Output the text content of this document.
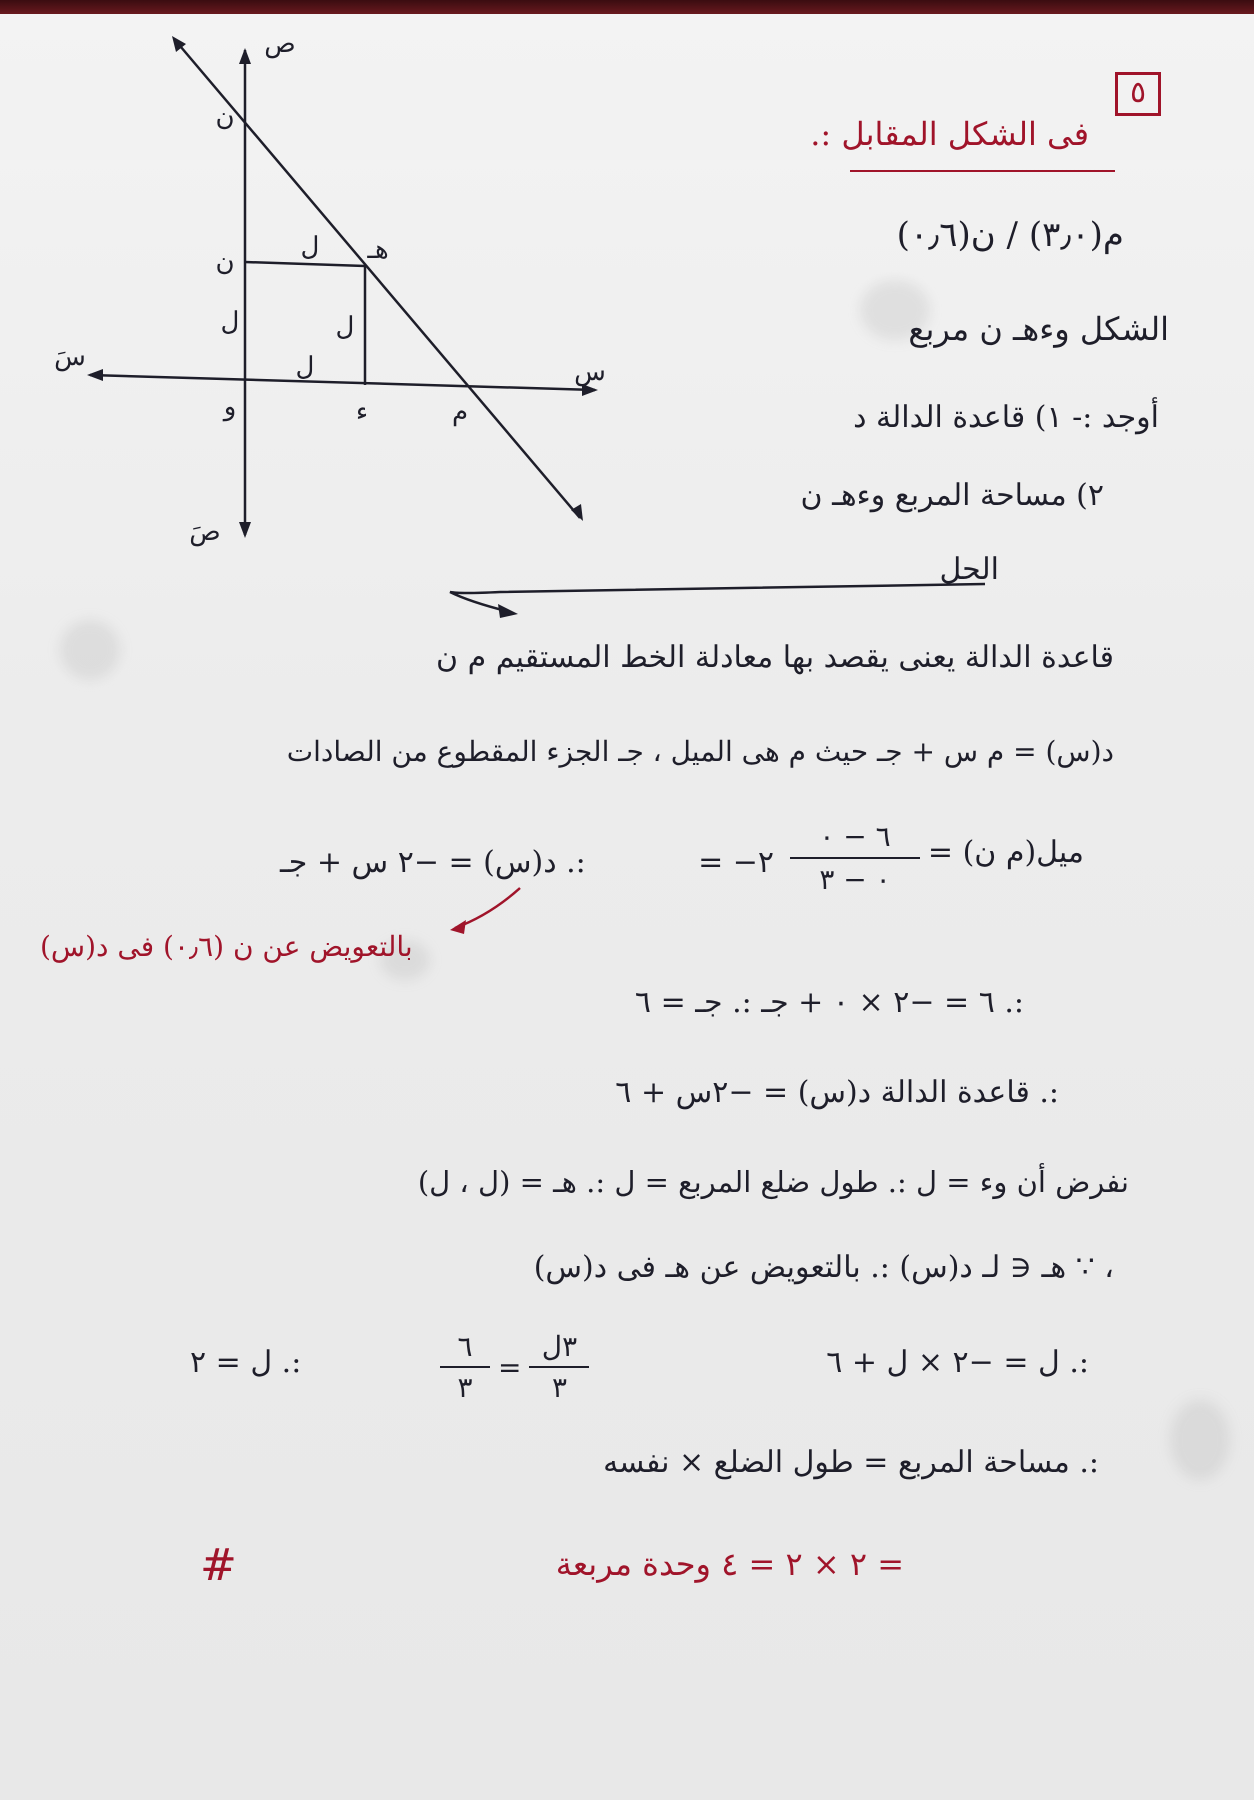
ص
صَ
س
سَ
ن
ن	هـ
و	ء	م
ل
ل	ل
ل
٥
فى الشكل المقابل :.
م(٣٫٠) / ن(٠٫٦)
الشكل وءهـ ن مربع
أوجد :- ١) قاعدة الدالة د
٢) مساحة المربع وءهـ ن
الحل
قاعدة الدالة يعنى يقصد بها معادلة الخط المستقيم م ن
د(س) = م س + جـ حيث م هى الميل ، جـ الجزء المقطوع من الصادات
ميل(م ن) =
٦ − ٠
٠ − ٣
= −٢
:. د(س) = −٢ س + جـ
بالتعويض عن ن (٠٫٦) فى د(س)
:. ٦ = −٢ × ٠ + جـ :. جـ = ٦
:. قاعدة الدالة د(س) = −٢س + ٦
نفرض أن وء = ل :. طول ضلع المربع = ل :. هـ = (ل ، ل)
، ∵ هـ ∈ لـ د(س) :. بالتعويض عن هـ فى د(س)
:. ل = −٢ × ل + ٦
٦
٣
=
٣ل
٣
:. ل = ٢
:. مساحة المربع = طول الضلع × نفسه
= ٢ × ٢ = ٤ وحدة مربعة
#
